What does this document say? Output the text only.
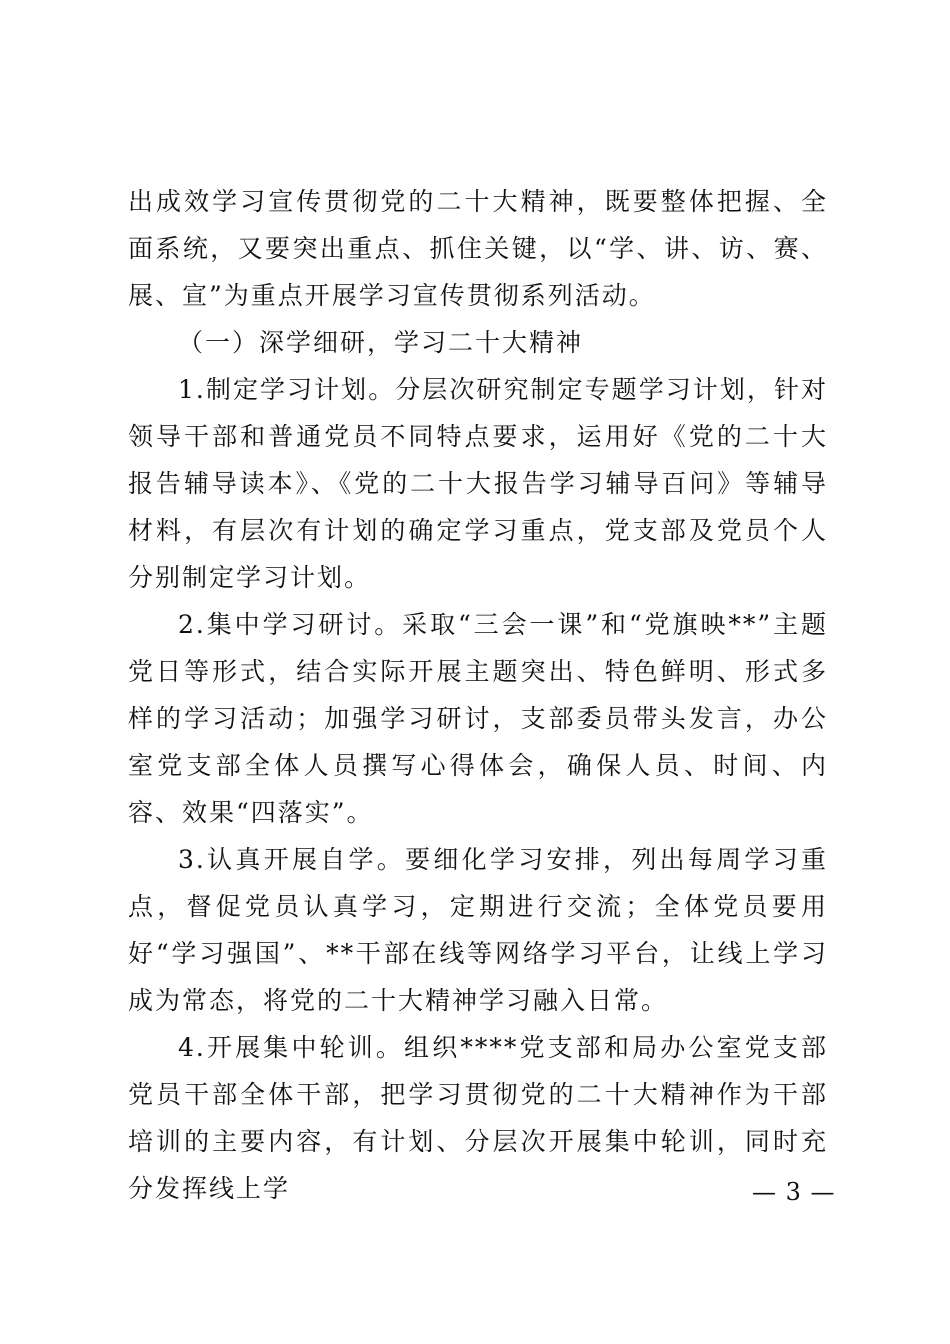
出成效学习宣传贯彻党的二十大精神，既要整体把握、全面系统，又要突出重点、抓住关键，以“学、讲、访、赛、展、宣”为重点开展学习宣传贯彻系列活动。

（一）深学细研，学习二十大精神

1.制定学习计划。分层次研究制定专题学习计划，针对领导干部和普通党员不同特点要求，运用好《党的二十大报告辅导读本》、《党的二十大报告学习辅导百问》等辅导材料，有层次有计划的确定学习重点，党支部及党员个人分别制定学习计划。

2.集中学习研讨。采取“三会一课”和“党旗映**”主题党日等形式，结合实际开展主题突出、特色鲜明、形式多样的学习活动；加强学习研讨，支部委员带头发言，办公室党支部全体人员撰写心得体会，确保人员、时间、内容、效果“四落实”。

3.认真开展自学。要细化学习安排，列出每周学习重点，督促党员认真学习，定期进行交流；全体党员要用好“学习强国”、**干部在线等网络学习平台，让线上学习成为常态，将党的二十大精神学习融入日常。

4.开展集中轮训。组织****党支部和局办公室党支部党员干部全体干部，把学习贯彻党的二十大精神作为干部培训的主要内容，有计划、分层次开展集中轮训，同时充分发挥线上学	— 3 —
